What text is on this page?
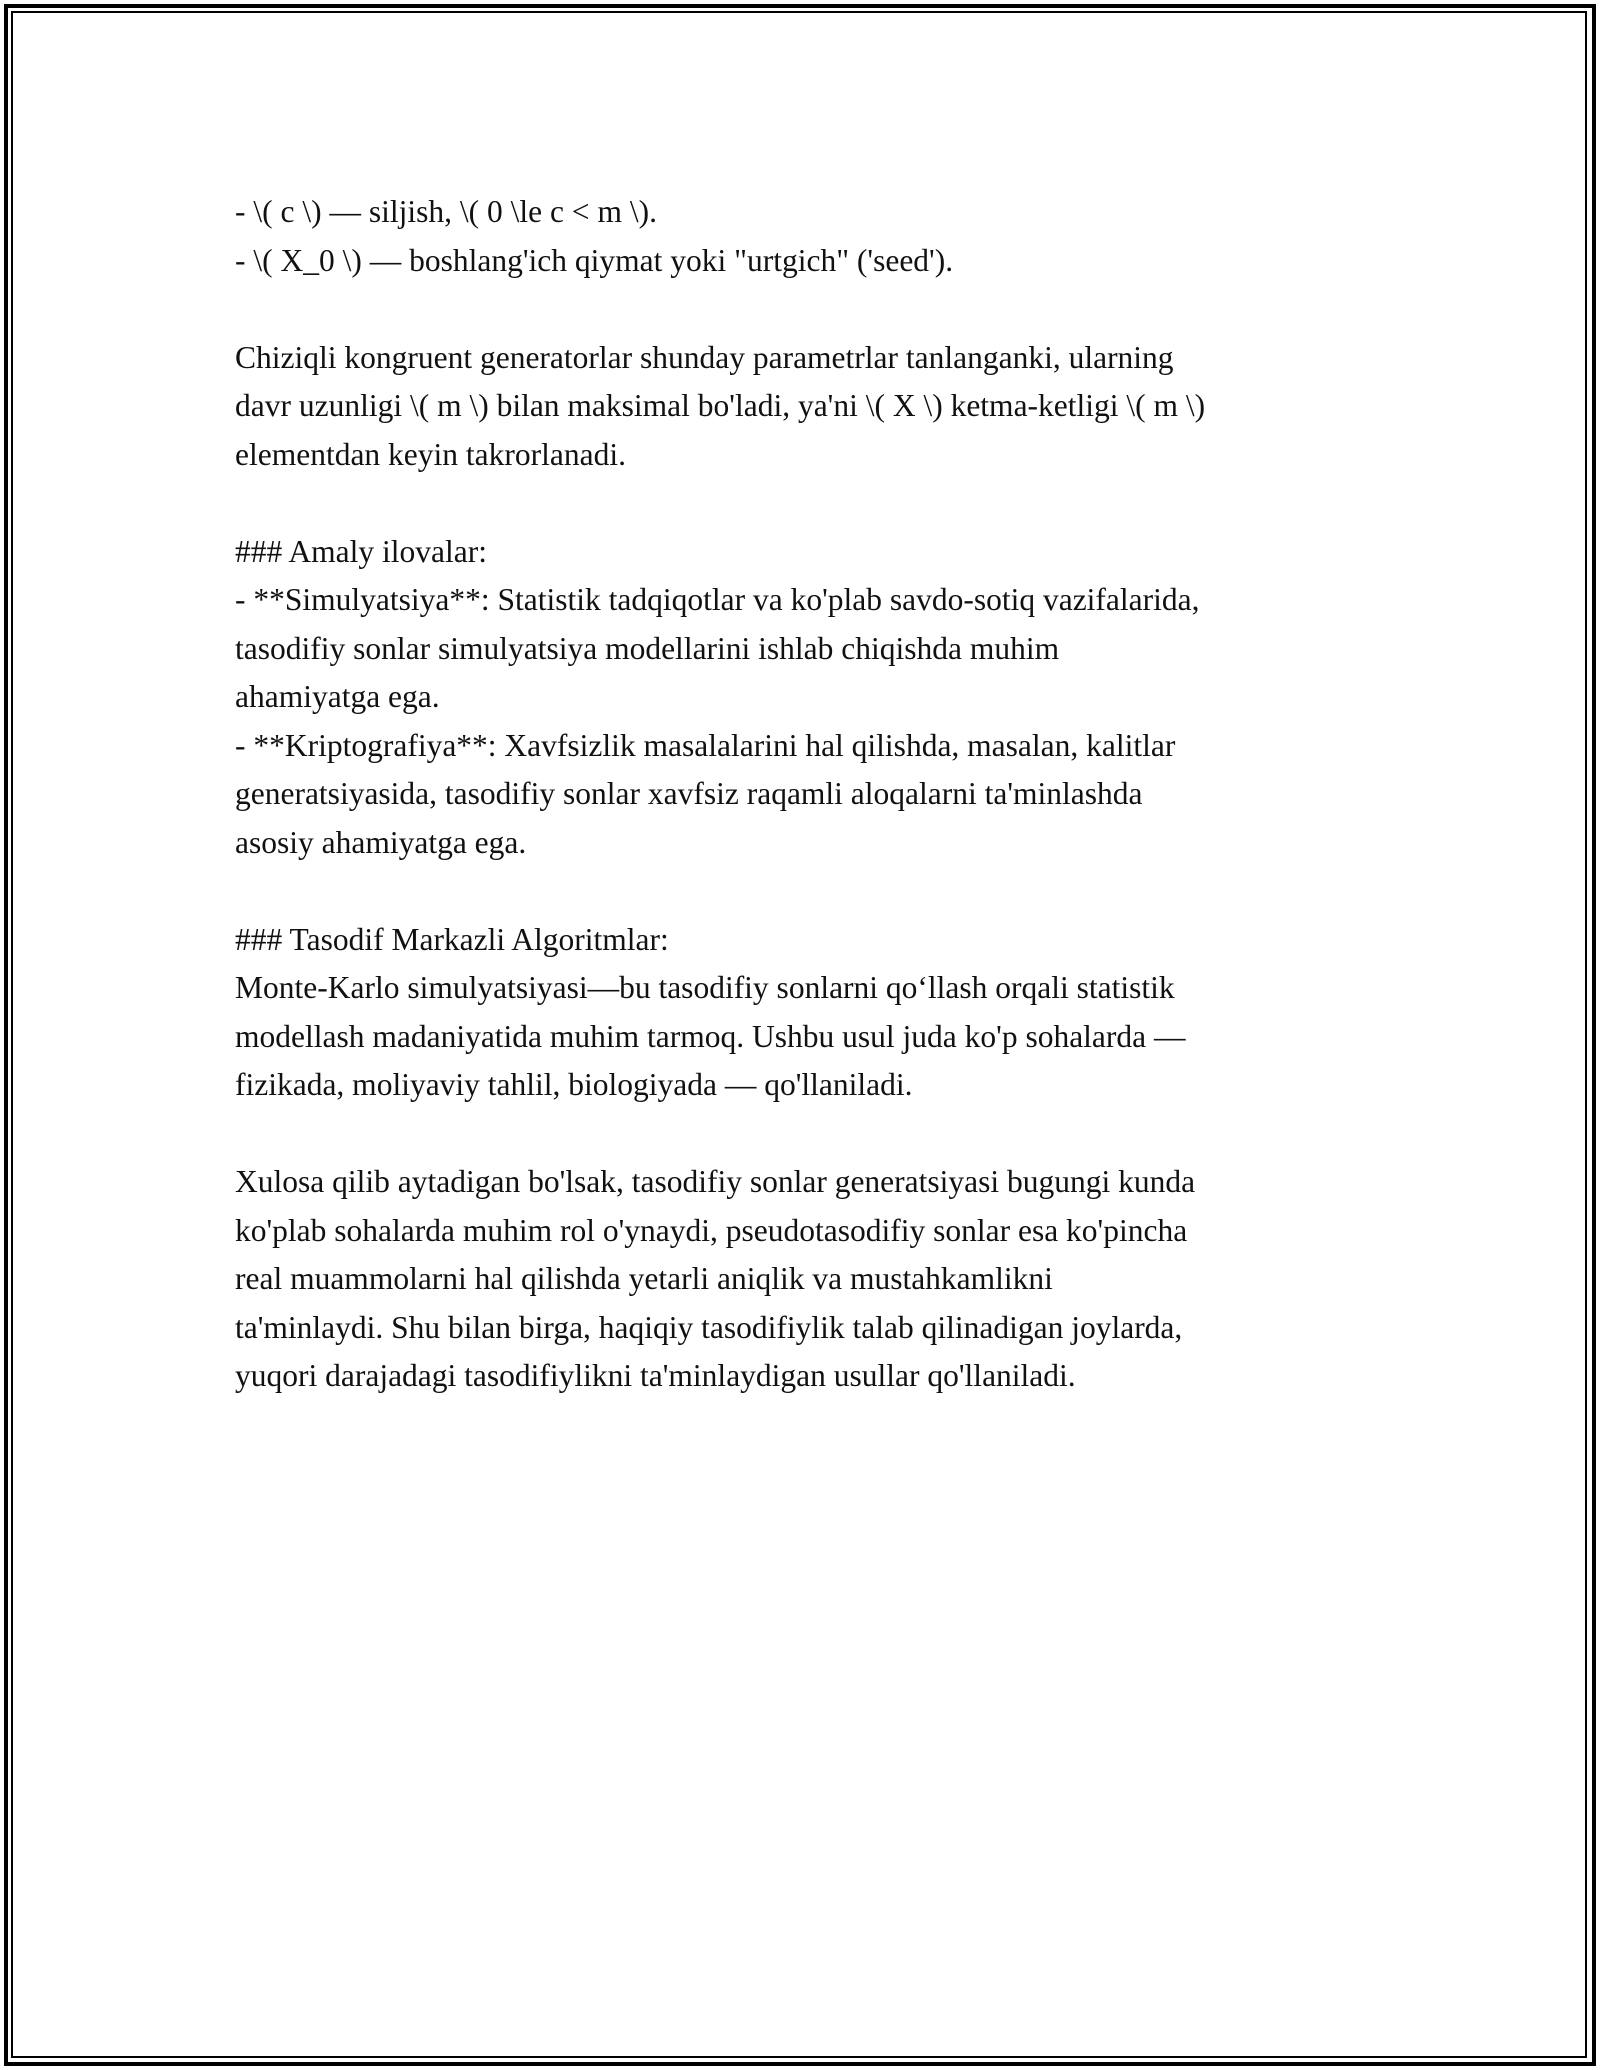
- \( c \) — siljish, \( 0 \le c < m \).
- \( X_0 \) — boshlang'ich qiymat yoki "urtgich" ('seed').
Chiziqli kongruent generatorlar shunday parametrlar tanlanganki, ularning
davr uzunligi \( m \) bilan maksimal bo'ladi, ya'ni \( X \) ketma-ketligi \( m \)
elementdan keyin takrorlanadi.
### Amaly ilovalar:
- **Simulyatsiya**: Statistik tadqiqotlar va ko'plab savdo-sotiq vazifalarida,
tasodifiy sonlar simulyatsiya modellarini ishlab chiqishda muhim
ahamiyatga ega.
- **Kriptografiya**: Xavfsizlik masalalarini hal qilishda, masalan, kalitlar
generatsiyasida, tasodifiy sonlar xavfsiz raqamli aloqalarni ta'minlashda
asosiy ahamiyatga ega.
### Tasodif Markazli Algoritmlar:
Monte-Karlo simulyatsiyasi—bu tasodifiy sonlarni qo‘llash orqali statistik
modellash madaniyatida muhim tarmoq. Ushbu usul juda ko'p sohalarda —
fizikada, moliyaviy tahlil, biologiyada — qo'llaniladi.
Xulosa qilib aytadigan bo'lsak, tasodifiy sonlar generatsiyasi bugungi kunda
ko'plab sohalarda muhim rol o'ynaydi, pseudotasodifiy sonlar esa ko'pincha
real muammolarni hal qilishda yetarli aniqlik va mustahkamlikni
ta'minlaydi. Shu bilan birga, haqiqiy tasodifiylik talab qilinadigan joylarda,
yuqori darajadagi tasodifiylikni ta'minlaydigan usullar qo'llaniladi.
